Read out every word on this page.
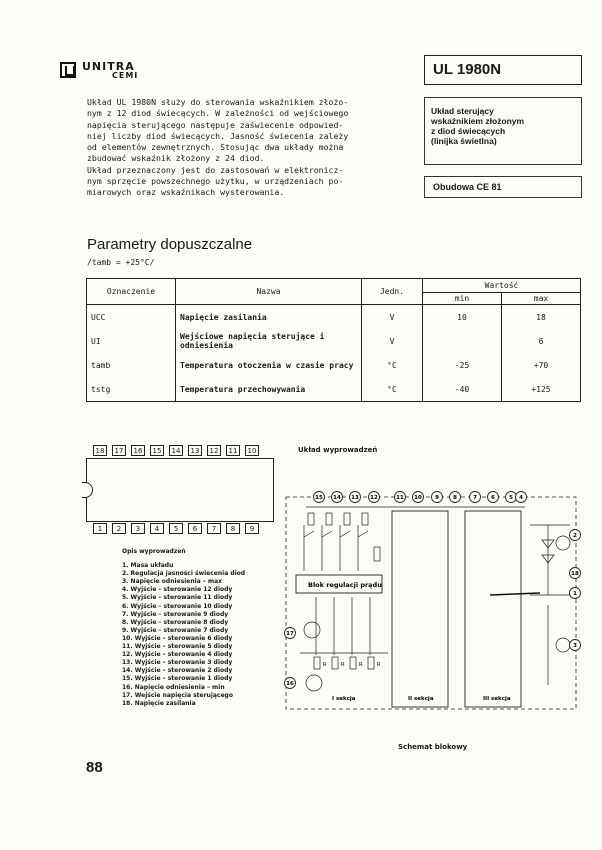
UNITRA
CEMI	UL 1980N
Układ sterujący
wskaźnikiem złożonym
z diod świecących
(linijka świetlna)
Obudowa CE 81
Układ UL 1980N służy do sterowania wskaźnikiem złożo-
nym z 12 diod świecących. W zależności od wejściowego
napięcia sterującego następuje zaświecenie odpowied-
niej liczby diod świecących. Jasność świecenia zależy
od elementów zewnętrznych. Stosując dwa układy można
zbudować wskaźnik złożony z 24 diod.
Układ przeznaczony jest do zastosowań w elektronicz-
nym sprzęcie powszechnego użytku, w urządzeniach po-
miarowych oraz wskaźnikach wysterowania.
Parametry dopuszczalne
/tamb = +25°C/
Oznaczenie	Nazwa	Jedn.	Wartość	
			min	max
UCC	Napięcie zasilania	V	10	18
UI	Wejściowe napięcia sterujące i odniesienia	V		6
tamb	Temperatura otoczenia w czasie pracy	°C	-25	+70
tstg	Temperatura przechowywania	°C	-40	+125
18	17	16	15	14	13	12	11	10
1	2	3	4	5	6	7	8	9
Opis wyprowadzeń
1. Masa układu
2. Regulacja jasności świecenia diod
3. Napięcie odniesienia – max
4. Wyjście – sterowanie 12 diody
5. Wyjście – sterowanie 11 diody
6. Wyjście – sterowanie 10 diody
7. Wyjście – sterowanie 9 diody
8. Wyjście – sterowanie 8 diody
9. Wyjście – sterowanie 7 diody
10. Wyjście – sterowanie 6 diody
11. Wyjście – sterowanie 5 diody
12. Wyjście – sterowanie 4 diody
13. Wyjście – sterowanie 3 diody
14. Wyjście – sterowanie 2 diody
15. Wyjście – sterowanie 1 diody
16. Napięcie odniesienia – min
17. Wejście napięcia sterującego
18. Napięcie zasilania
Układ wyprowadzeń
Blok regulacji prądu
R	R	R	R
15 14 13 12	11 10 9	8	7	6	5 4
2
18
1
3
17
16
I sekcja	II sekcja	III sekcja
Schemat blokowy
88
